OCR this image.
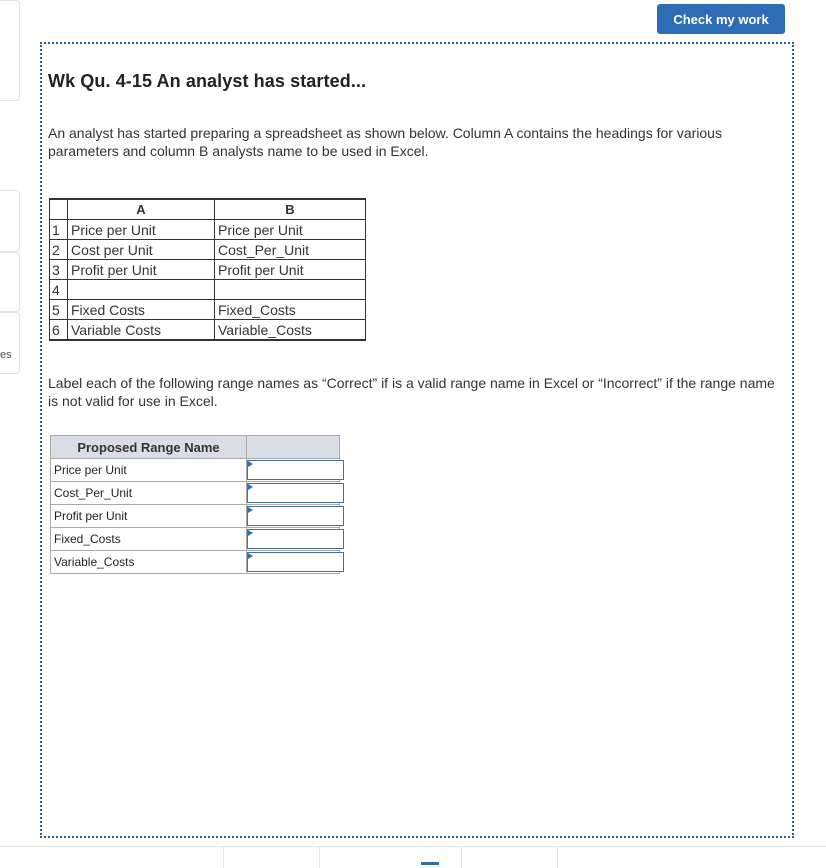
es
Check my work
Wk Qu. 4-15 An analyst has started...
An analyst has started preparing a spreadsheet as shown below. Column A contains the headings for various parameters and column B analysts name to be used in Excel.
	A	B
1	Price per Unit	Price per Unit
2	Cost per Unit	Cost_Per_Unit
3	Profit per Unit	Profit per Unit
4		
5	Fixed Costs	Fixed_Costs
6	Variable Costs	Variable_Costs
Label each of the following range names as “Correct” if is a valid range name in Excel or “Incorrect” if the range name is not valid for use in Excel.
Proposed Range Name	
Price per Unit	

Cost_Per_Unit	

Profit per Unit	

Fixed_Costs	

Variable_Costs	
